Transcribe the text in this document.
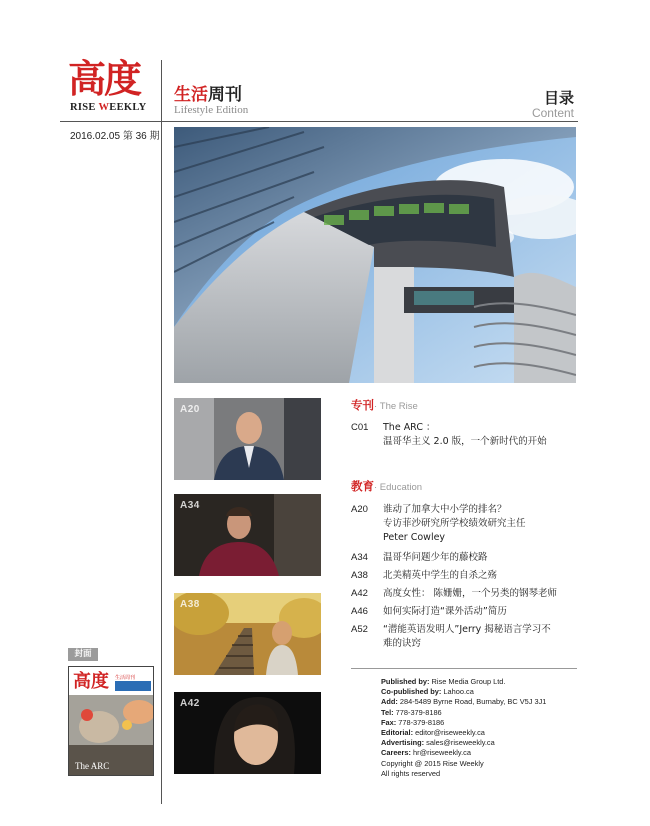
高度
RISE WEEKLY
生活周刊
Lifestyle Edition
目录
Content
2016.02.05 第 36 期
A20
A34
A38
A42
专刊· The Rise
C01 The ARC ：
温哥华主义 2.0 版，一个新时代的开始
教育· Education
A20 谁动了加拿大中小学的排名？
专访菲沙研究所学校绩效研究主任
Peter Cowley
A34 温哥华问题少年的藤校路
A38 北美精英中学生的自杀之殇
A42 高度女性： 陈姗姗，一个另类的钢琴老师
A46 如何实际打造“课外活动”简历
A52 “潜能英语发明人”Jerry 揭秘语言学习不
难的诀窍
Published by: Rise Media Group Ltd.
Co-published by: Lahoo.ca
Add: 284-5489 Byrne Road, Burnaby, BC V5J 3J1
Tel: 778-379-8186
Fax: 778-379-8186
Editorial: editor@riseweekly.ca
Advertising: sales@riseweekly.ca
Careers: hr@riseweekly.ca
Copyright @ 2015 Rise Weekly
All rights reserved
封面
高度 生活周刊
The ARC
